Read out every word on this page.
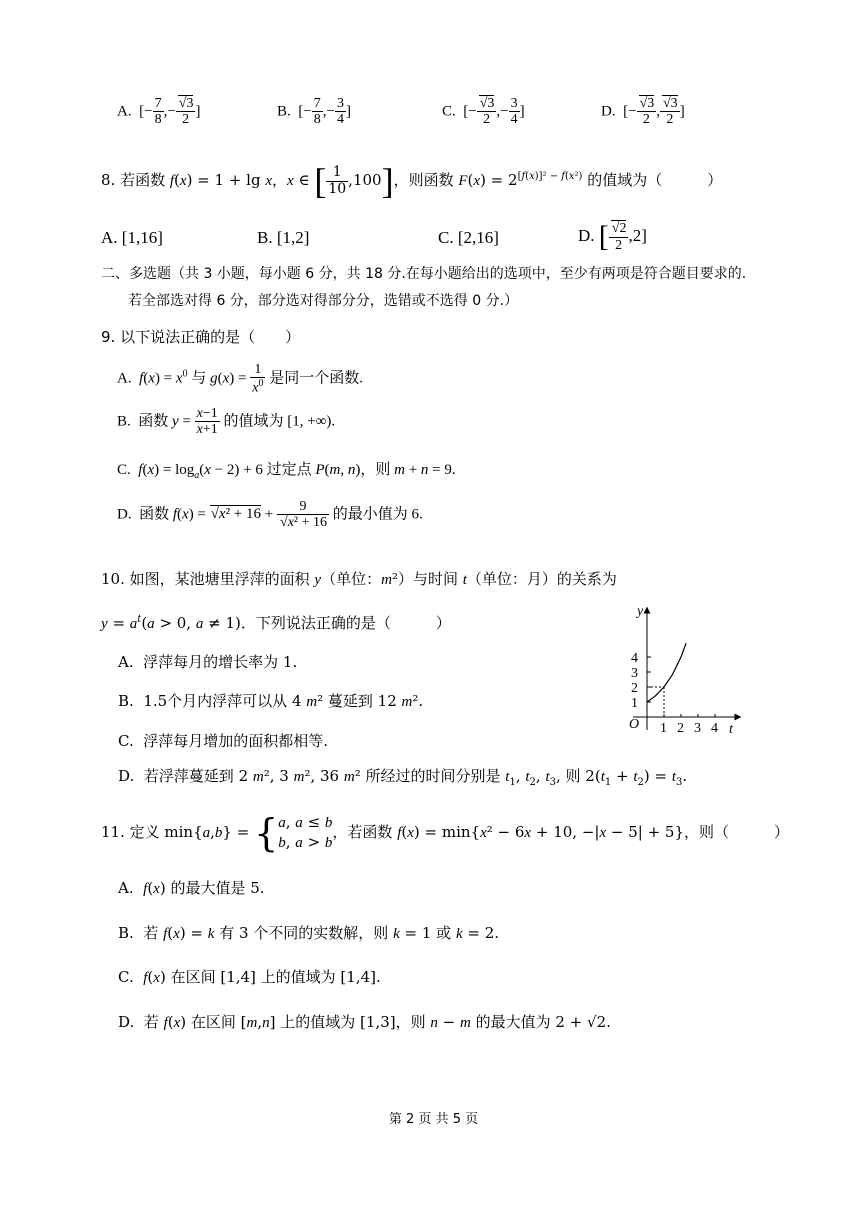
A.  [− $\frac{7}{8}$ ,− $\frac{√3}{2}$ ]	B.  [− $\frac{7}{8}$ ,− $\frac{3}{4}$ ]	C.  [− $\frac{√3}{2}$ ,− $\frac{3}{4}$ ]	D.  [− $\frac{√3}{2}$ , $\frac{√3}{2}$ ]
8. 若函数 f(x) = 1 + lg x，x ∈ [ $\frac{1}{10} ,100$]，则函数 $F(x) = 2^{[f(x)]^2 - f(x^2)}$ 的值域为（　　　）
A. [1,16]	B. [1,2]	C. [2,16]	D. [ $\frac{√2}{2} ,2$]
二、多选题（共 3 小题，每小题 6 分，共 18 分.在每小题给出的选项中，至少有两项是符合题目要求的.
若全部选对得 6 分，部分选对得部分分，选错或不选得 0 分.）
9. 以下说法正确的是（　　）
A.  $f(x) = x^0$ 与 $g(x) = \frac{1}{x^0}$ 是同一个函数.
B.  函数 $y = \frac{x-1}{x+1}$ 的值域为 [1, +∞).
C.  $f(x) = \log_a(x - 2) + 6$ 过定点 P(m, n)，则 m + n = 9.
D.  函数 $f(x) = √x^2 + 16 + \frac{9}{\text{√x² + 16}}$ 的最小值为 6.
10. 如图，某池塘里浮萍的面积 y（单位：m²）与时间 t（单位：月）的关系为
$y = a^t(a > 0$, a ≠ 1)．下列说法正确的是（　　　）
A. 浮萍每月的增长率为 1.
B.  1.5个月内浮萍可以从 4 m² 蔓延到 12 m².
C. 浮萍每月增加的面积都相等.
D.  若浮萍蔓延到 2 m², 3 m², 36 m² 所经过的时间分别是 $t_1$, $t_2$, $t_3$, 则 $2(t_1 + t_2) = t_3$.
y
t
O 1 2 3 4
1
2
3
4
11. 定义 min{a,b} = {a, a ≤ b
b, a > b，若函数 f(x) = min{x² − 6x + 10, −|x − 5| + 5}，则（　　　）
A.  f(x) 的最大值是 5.
B.  若 f(x) = k 有 3 个不同的实数解，则 k = 1 或 k = 2.
C.  f(x) 在区间 [1,4] 上的值域为 [1,4].
D.  若 f(x) 在区间 [m,n] 上的值域为 [1,3]，则 n − m 的最大值为 2 + √2.
第 2 页 共 5 页
